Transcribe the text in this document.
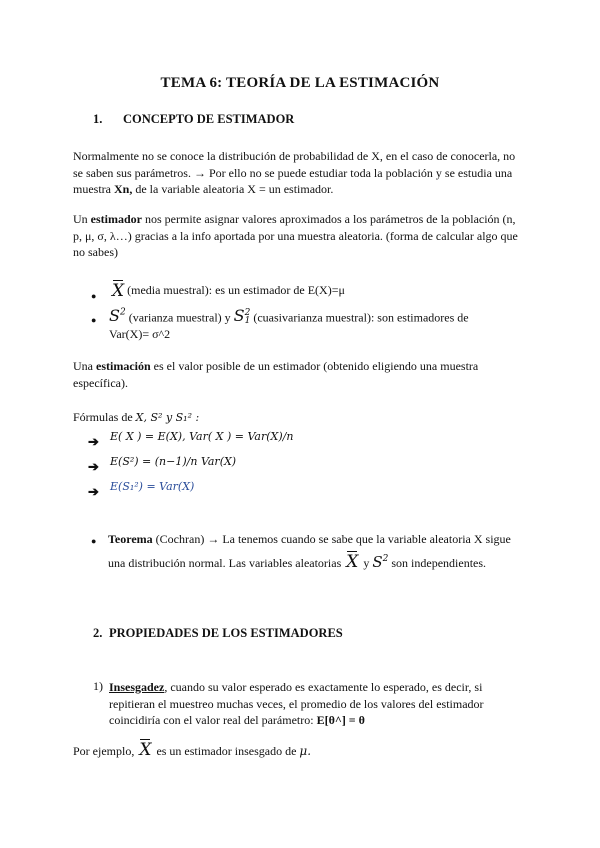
TEMA 6: TEORÍA DE LA ESTIMACIÓN
1. CONCEPTO DE ESTIMADOR
Normalmente no se conoce la distribución de probabilidad de X, en el caso de conocerla, no
se saben sus parámetros. → Por ello no se puede estudiar toda la población y se estudia una
muestra Xn, de la variable aleatoria X = un estimador.
Un estimador nos permite asignar valores aproximados a los parámetros de la población (n,
p, μ, σ, λ…) gracias a la info aportada por una muestra aleatoria. (forma de calcular algo que
no sabes)
● X (media muestral): es un estimador de E(X)=μ
● $S^2$ (varianza muestral) y S2
1 (cuasivarianza muestral): son estimadores de
Var(X)= σ^2
Una estimación es el valor posible de un estimador (obtenido eligiendo una muestra
específica).
Fórmulas de X, S² y S₁² :
➔ E( X ) = E(X), Var( X ) = Var(X)/n
➔ E(S²) = (n−1)/n Var(X)
➔ E(S₁²) = Var(X)
● Teorema (Cochran) → La tenemos cuando se sabe que la variable aleatoria X sigue
una distribución normal. Las variables aleatorias X y $S^2$ son independientes.
2. PROPIEDADES DE LOS ESTIMADORES
1) Insesgadez, cuando su valor esperado es exactamente lo esperado, es decir, si
repitieran el muestreo muchas veces, el promedio de los valores del estimador
coincidiría con el valor real del parámetro: E[θ^] = θ
Por ejemplo, X es un estimador insesgado de μ.
